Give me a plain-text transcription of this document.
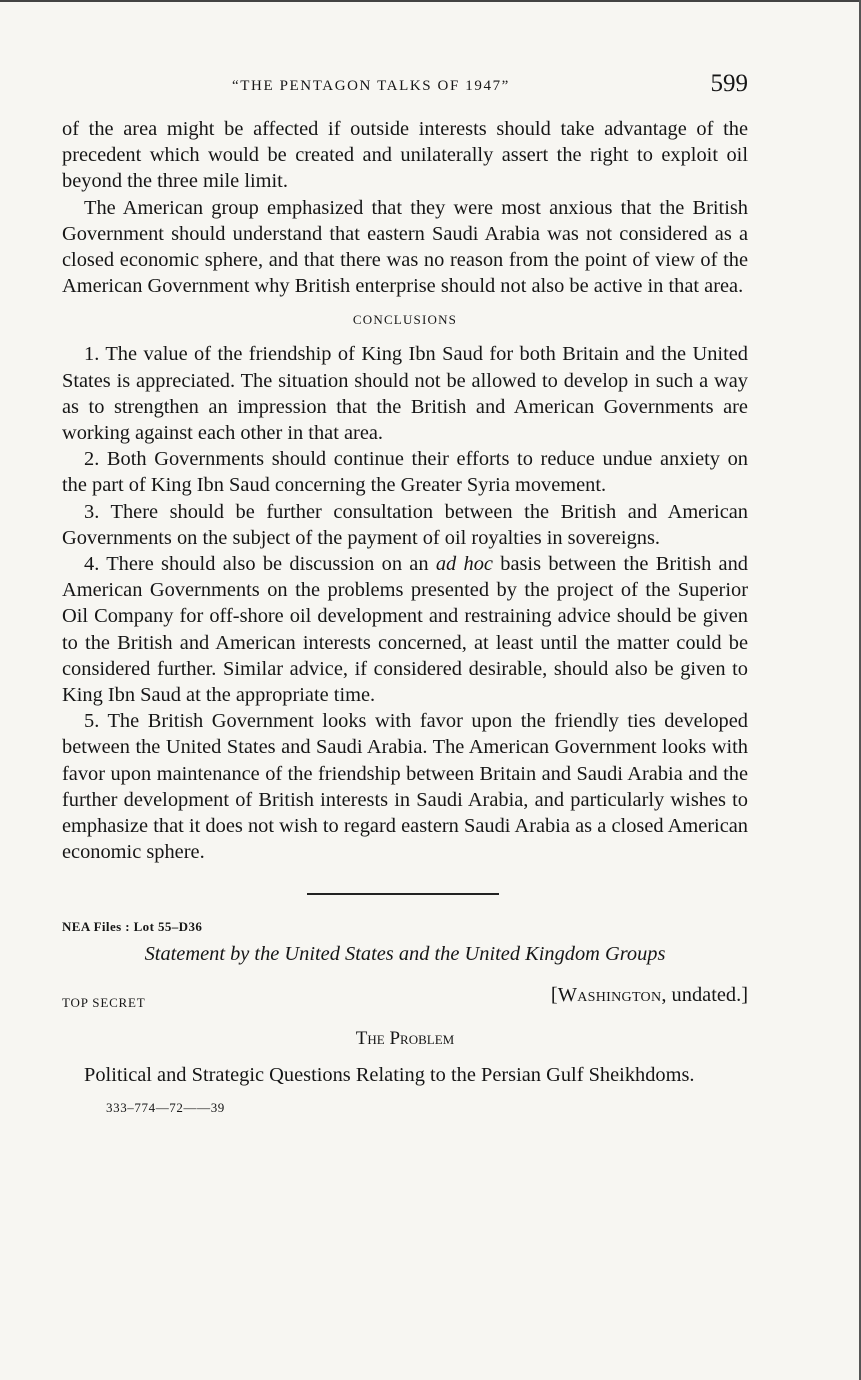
“THE PENTAGON TALKS OF 1947”	599

of the area might be affected if outside interests should take advantage of the precedent which would be created and unilaterally assert the right to exploit oil beyond the three mile limit.

The American group emphasized that they were most anxious that the British Government should understand that eastern Saudi Arabia was not considered as a closed economic sphere, and that there was no reason from the point of view of the American Government why British enterprise should not also be active in that area.

CONCLUSIONS

1. The value of the friendship of King Ibn Saud for both Britain and the United States is appreciated. The situation should not be allowed to develop in such a way as to strengthen an impression that the British and American Governments are working against each other in that area.

2. Both Governments should continue their efforts to reduce undue anxiety on the part of King Ibn Saud concerning the Greater Syria movement.

3. There should be further consultation between the British and American Governments on the subject of the payment of oil royalties in sovereigns.

4. There should also be discussion on an ad hoc basis between the British and American Governments on the problems presented by the project of the Superior Oil Company for off-shore oil development and restraining advice should be given to the British and American interests concerned, at least until the matter could be considered further. Similar advice, if considered desirable, should also be given to King Ibn Saud at the appropriate time.

5. The British Government looks with favor upon the friendly ties developed between the United States and Saudi Arabia. The American Government looks with favor upon maintenance of the friendship between Britain and Saudi Arabia and the further development of British interests in Saudi Arabia, and particularly wishes to emphasize that it does not wish to regard eastern Saudi Arabia as a closed American economic sphere.

NEA Files : Lot 55–D36

Statement by the United States and the United Kingdom Groups

TOP SECRET	[Washington, undated.]

The Problem

Political and Strategic Questions Relating to the Persian Gulf Sheikhdoms.

333–774—72——39
